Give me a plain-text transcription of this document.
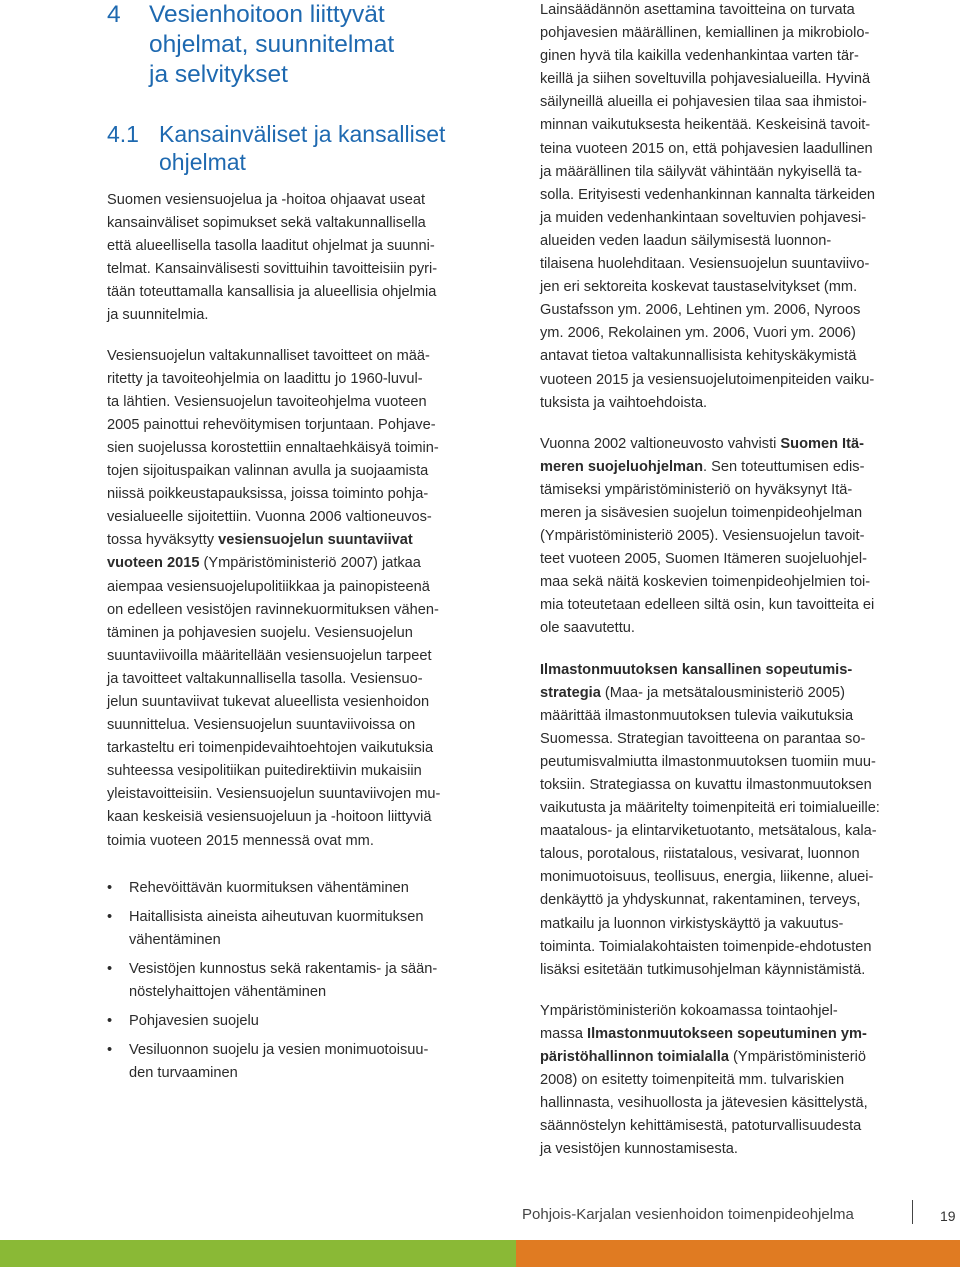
4 Vesienhoitoon liittyvät
ohjelmat, suunnitelmat
ja selvitykset
4.1 Kansainväliset ja kansalliset
ohjelmat

Suomen vesiensuojelua ja -hoitoa ohjaavat useat
kansainväliset sopimukset sekä valtakunnallisella
että alueellisella tasolla laaditut ohjelmat ja suunni-
telmat. Kansainvälisesti sovittuihin tavoitteisiin pyri-
tään toteuttamalla kansallisia ja alueellisia ohjelmia
ja suunnitelmia.

Vesiensuojelun valtakunnalliset tavoitteet on mää-
ritetty ja tavoiteohjelmia on laadittu jo 1960-luvul-
ta lähtien. Vesiensuojelun tavoiteohjelma vuoteen
2005 painottui rehevöitymisen torjuntaan. Pohjave-
sien suojelussa korostettiin ennaltaehkäisyä toimin-
tojen sijoituspaikan valinnan avulla ja suojaamista
niissä poikkeustapauksissa, joissa toiminto pohja-
vesialueelle sijoitettiin. Vuonna 2006 valtioneuvos-
tossa hyväksytty vesiensuojelun suuntaviivat
vuoteen 2015 (Ympäristöministeriö 2007) jatkaa
aiempaa vesiensuojelupolitiikkaa ja painopisteenä
on edelleen vesistöjen ravinnekuormituksen vähen-
täminen ja pohjavesien suojelu. Vesiensuojelun
suuntaviivoilla määritellään vesiensuojelun tarpeet
ja tavoitteet valtakunnallisella tasolla. Vesiensuo-
jelun suuntaviivat tukevat alueellista vesienhoidon
suunnittelua. Vesiensuojelun suuntaviivoissa on
tarkasteltu eri toimenpidevaihtoehtojen vaikutuksia
suhteessa vesipolitiikan puitedirektiivin mukaisiin
yleistavoitteisiin. Vesiensuojelun suuntaviivojen mu-
kaan keskeisiä vesiensuojeluun ja -hoitoon liittyviä
toimia vuoteen 2015 mennessä ovat mm.

• Rehevöittävän kuormituksen vähentäminen
• Haitallisista aineista aiheutuvan kuormituksen
vähentäminen
• Vesistöjen kunnostus sekä rakentamis- ja sään-
nöstelyhaittojen vähentäminen
• Pohjavesien suojelu
• Vesiluonnon suojelu ja vesien monimuotoisuu-
den turvaaminen

Lainsäädännön asettamina tavoitteina on turvata
pohjavesien määrällinen, kemiallinen ja mikrobiolo-
ginen hyvä tila kaikilla vedenhankintaa varten tär-
keillä ja siihen soveltuvilla pohjavesialueilla. Hyvinä
säilyneillä alueilla ei pohjavesien tilaa saa ihmistoi-
minnan vaikutuksesta heikentää. Keskeisinä tavoit-
teina vuoteen 2015 on, että pohjavesien laadullinen
ja määrällinen tila säilyvät vähintään nykyisellä ta-
solla. Erityisesti vedenhankinnan kannalta tärkeiden
ja muiden vedenhankintaan soveltuvien pohjavesi-
alueiden veden laadun säilymisestä luonnon-
tilaisena huolehditaan. Vesiensuojelun suuntaviivo-
jen eri sektoreita koskevat taustaselvitykset (mm.
Gustafsson ym. 2006, Lehtinen ym. 2006, Nyroos
ym. 2006, Rekolainen ym. 2006, Vuori ym. 2006)
antavat tietoa valtakunnallisista kehityskäkymistä
vuoteen 2015 ja vesiensuojelutoimenpiteiden vaiku-
tuksista ja vaihtoehdoista.

Vuonna 2002 valtioneuvosto vahvisti Suomen Itä-
meren suojeluohjelman. Sen toteuttumisen edis-
tämiseksi ympäristöministeriö on hyväksynyt Itä-
meren ja sisävesien suojelun toimenpideohjelman
(Ympäristöministeriö 2005). Vesiensuojelun tavoit-
teet vuoteen 2005, Suomen Itämeren suojeluohjel-
maa sekä näitä koskevien toimenpideohjelmien toi-
mia toteutetaan edelleen siltä osin, kun tavoitteita ei
ole saavutettu.

Ilmastonmuutoksen kansallinen sopeutumis-
strategia (Maa- ja metsätalousministeriö 2005)
määrittää ilmastonmuutoksen tulevia vaikutuksia
Suomessa. Strategian tavoitteena on parantaa so-
peutumisvalmiutta ilmastonmuutoksen tuomiin muu-
toksiin. Strategiassa on kuvattu ilmastonmuutoksen
vaikutusta ja määritelty toimenpiteitä eri toimialueille:
maatalous- ja elintarviketuotanto, metsätalous, kala-
talous, porotalous, riistatalous, vesivarat, luonnon
monimuotoisuus, teollisuus, energia, liikenne, aluei-
denkäyttö ja yhdyskunnat, rakentaminen, terveys,
matkailu ja luonnon virkistyskäyttö ja vakuutus-
toiminta. Toimialakohtaisten toimenpide-ehdotusten
lisäksi esitetään tutkimusohjelman käynnistämistä.

Ympäristöministeriön kokoamassa tointaohjel-
massa Ilmastonmuutokseen sopeutuminen ym-
päristöhallinnon toimialalla (Ympäristöministeriö
2008) on esitetty toimenpiteitä mm. tulvariskien
hallinnasta, vesihuollosta ja jätevesien käsittelystä,
säännöstelyn kehittämisestä, patoturvallisuudesta
ja vesistöjen kunnostamisesta.

Pohjois-Karjalan vesienhoidon toimenpideohjelma	19
